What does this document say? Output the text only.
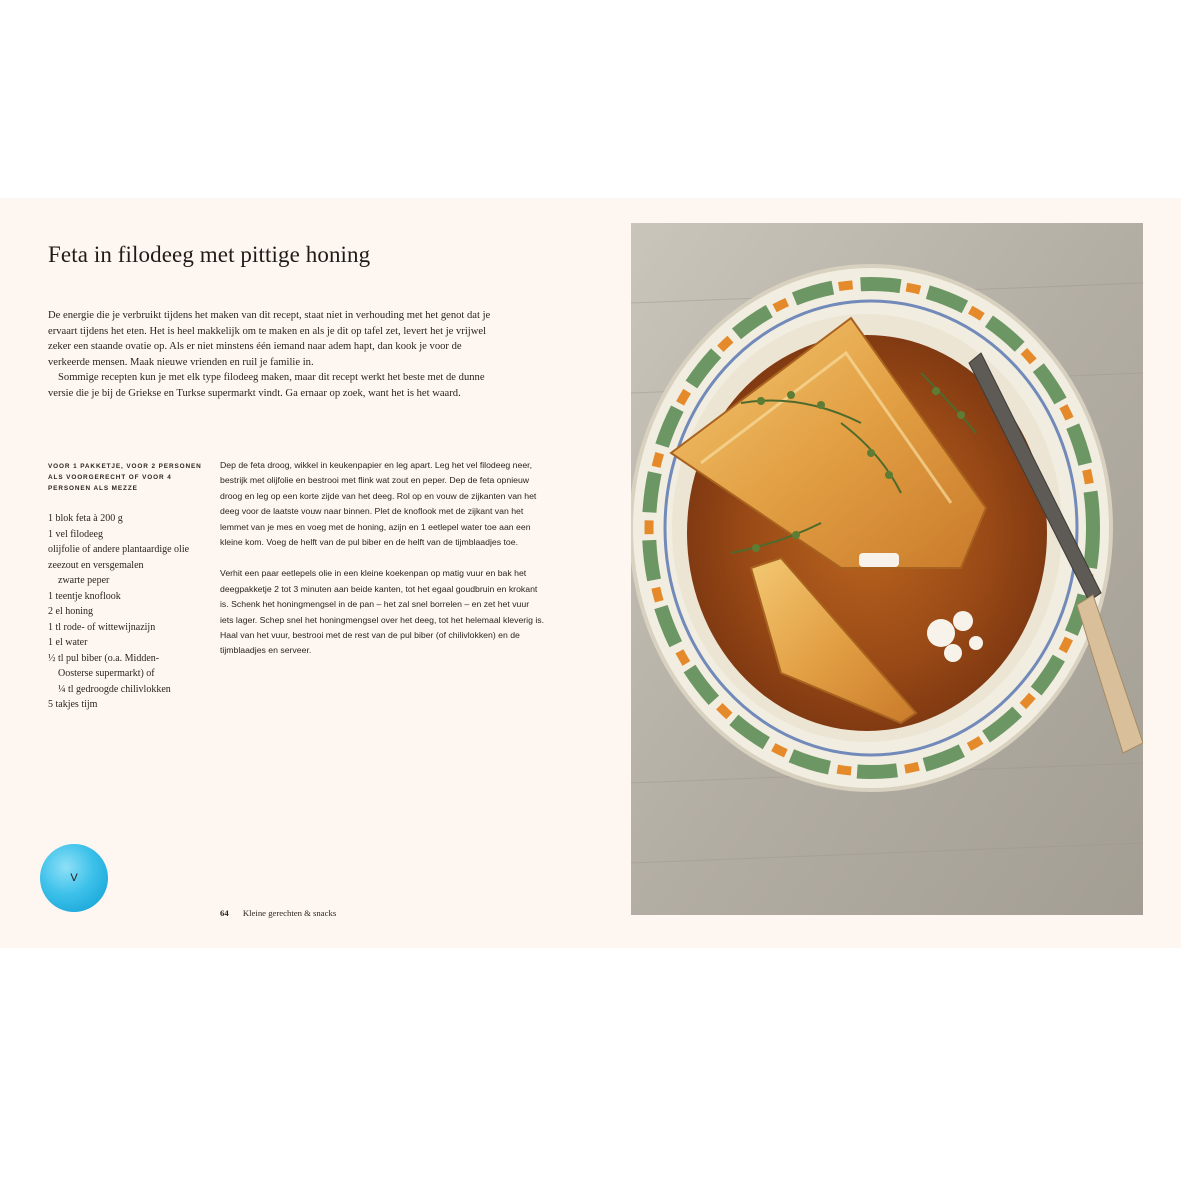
Feta in filodeeg met pittige honing

De energie die je verbruikt tijdens het maken van dit recept, staat niet in verhouding met het genot dat je ervaart tijdens het eten. Het is heel makkelijk om te maken en als je dit op tafel zet, levert het je vrijwel zeker een staande ovatie op. Als er niet minstens één iemand naar adem hapt, dan kook je voor de verkeerde mensen. Maak nieuwe vrienden en ruil je familie in.

Sommige recepten kun je met elk type filodeeg maken, maar dit recept werkt het beste met de dunne versie die je bij de Griekse en Turkse supermarkt vindt. Ga ernaar op zoek, want het is het waard.

VOOR 1 PAKKETJE, VOOR 2 PERSONEN ALS VOORGERECHT OF VOOR 4 PERSONEN ALS MEZZE
1 blok feta à 200 g
1 vel filodeeg
olijfolie of andere plantaardige olie
zeezout en versgemalen
zwarte peper
1 teentje knoflook
2 el honing
1 tl rode- of wittewijnazijn
1 el water
½ tl pul biber (o.a. Midden-
Oosterse supermarkt) of
¼ tl gedroogde chilivlokken
5 takjes tijm

Dep de feta droog, wikkel in keukenpapier en leg apart. Leg het vel filodeeg neer, bestrijk met olijfolie en bestrooi met flink wat zout en peper. Dep de feta opnieuw droog en leg op een korte zijde van het deeg. Rol op en vouw de zijkanten van het deeg voor de laatste vouw naar binnen. Plet de knoflook met de zijkant van het lemmet van je mes en voeg met de honing, azijn en 1 eetlepel water toe aan een kleine kom. Voeg de helft van de pul biber en de helft van de tijmblaadjes toe.

Verhit een paar eetlepels olie in een kleine koekenpan op matig vuur en bak het deegpakketje 2 tot 3 minuten aan beide kanten, tot het egaal goudbruin en krokant is. Schenk het honingmengsel in de pan – het zal snel borrelen – en zet het vuur iets lager. Schep snel het honingmengsel over het deeg, tot het helemaal kleverig is. Haal van het vuur, bestrooi met de rest van de pul biber (of chilivlokken) en de tijmblaadjes en serveer.

V
64 Kleine gerechten & snacks
